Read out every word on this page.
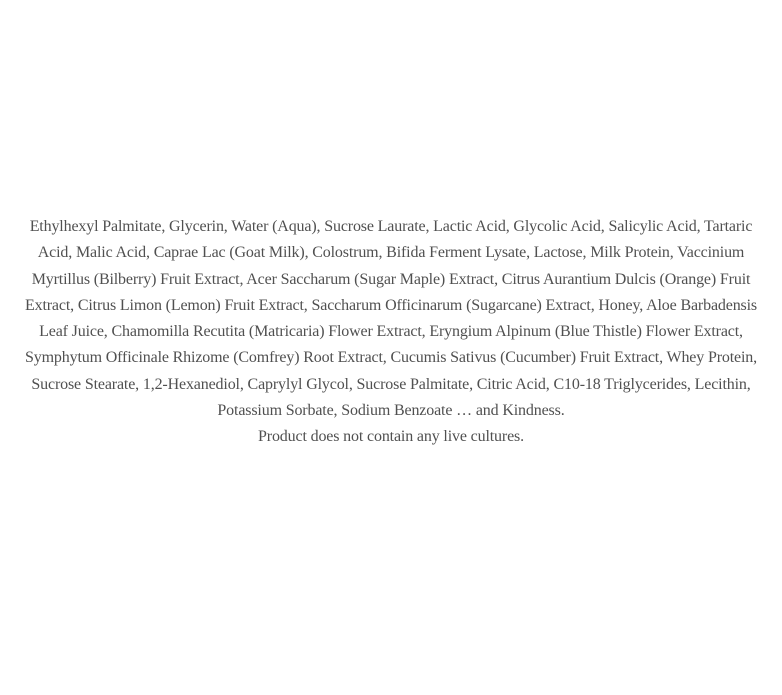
Ethylhexyl Palmitate, Glycerin, Water (Aqua), Sucrose Laurate, Lactic Acid, Glycolic Acid, Salicylic Acid, Tartaric Acid, Malic Acid, Caprae Lac (Goat Milk), Colostrum, Bifida Ferment Lysate, Lactose, Milk Protein, Vaccinium Myrtillus (Bilberry) Fruit Extract, Acer Saccharum (Sugar Maple) Extract, Citrus Aurantium Dulcis (Orange) Fruit Extract, Citrus Limon (Lemon) Fruit Extract, Saccharum Officinarum (Sugarcane) Extract, Honey, Aloe Barbadensis Leaf Juice, Chamomilla Recutita (Matricaria) Flower Extract, Eryngium Alpinum (Blue Thistle) Flower Extract, Symphytum Officinale Rhizome (Comfrey) Root Extract, Cucumis Sativus (Cucumber) Fruit Extract, Whey Protein, Sucrose Stearate, 1,2-Hexanediol, Caprylyl Glycol, Sucrose Palmitate, Citric Acid, C10-18 Triglycerides, Lecithin, Potassium Sorbate, Sodium Benzoate … and Kindness.

Product does not contain any live cultures.
